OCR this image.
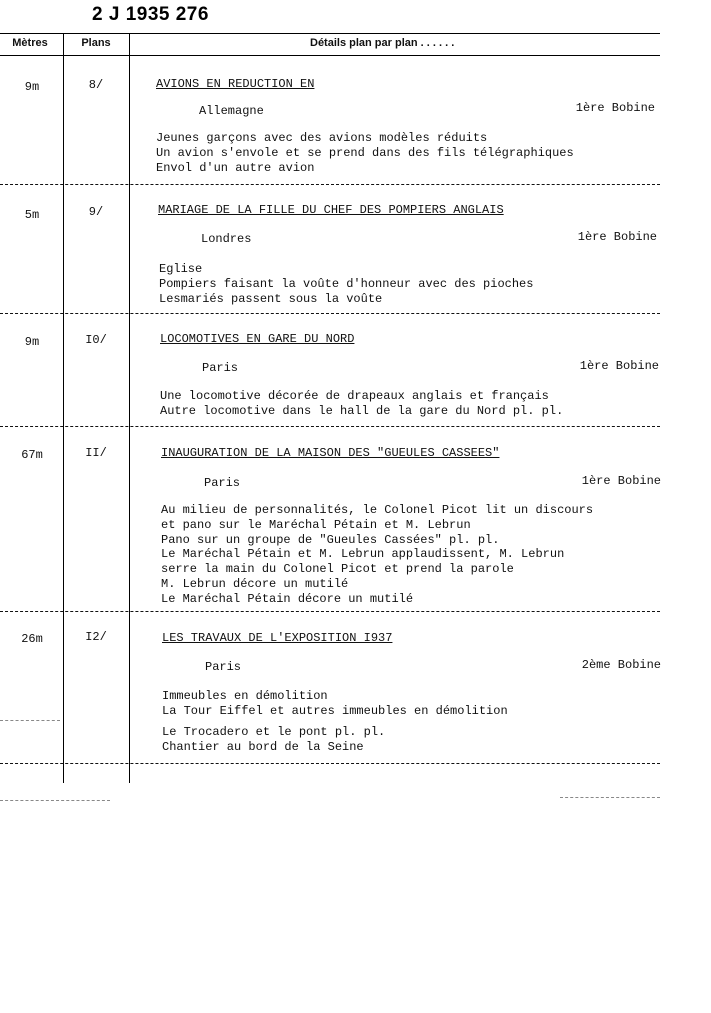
2 J 1935 276
Mètres	Plans	Détails plan par plan . . . . . .
9m	8/	AVIONS EN REDUCTION EN
Allemagne	1ère Bobine
Jeunes garçons avec des avions modèles réduits
Un avion s'envole et se prend dans des fils télégraphiques
Envol d'un autre avion
5m	9/	MARIAGE DE LA FILLE DU CHEF DES POMPIERS ANGLAIS
Londres	1ère Bobine
Eglise
Pompiers faisant la voûte d'honneur avec des pioches
Lesmariés passent sous la voûte
9m	I0/	LOCOMOTIVES EN GARE DU NORD
Paris	1ère Bobine
Une locomotive décorée de drapeaux anglais et français
Autre locomotive dans le hall de la gare du Nord pl. pl.
67m	II/	INAUGURATION DE LA MAISON DES "GUEULES CASSEES"
Paris	1ère Bobine
Au milieu de personnalités, le Colonel Picot lit un discours
et pano sur le Maréchal Pétain et M. Lebrun
Pano sur un groupe de "Gueules Cassées" pl. pl.
Le Maréchal Pétain et M. Lebrun applaudissent, M. Lebrun
serre la main du Colonel Picot et prend la parole
M. Lebrun décore un mutilé
Le Maréchal Pétain décore un mutilé
26m	I2/	LES TRAVAUX DE L'EXPOSITION I937
Paris	2ème Bobine
Immeubles en démolition
La Tour Eiffel et autres immeubles en démolition
Le Trocadero et le pont pl. pl.
Chantier au bord de la Seine
